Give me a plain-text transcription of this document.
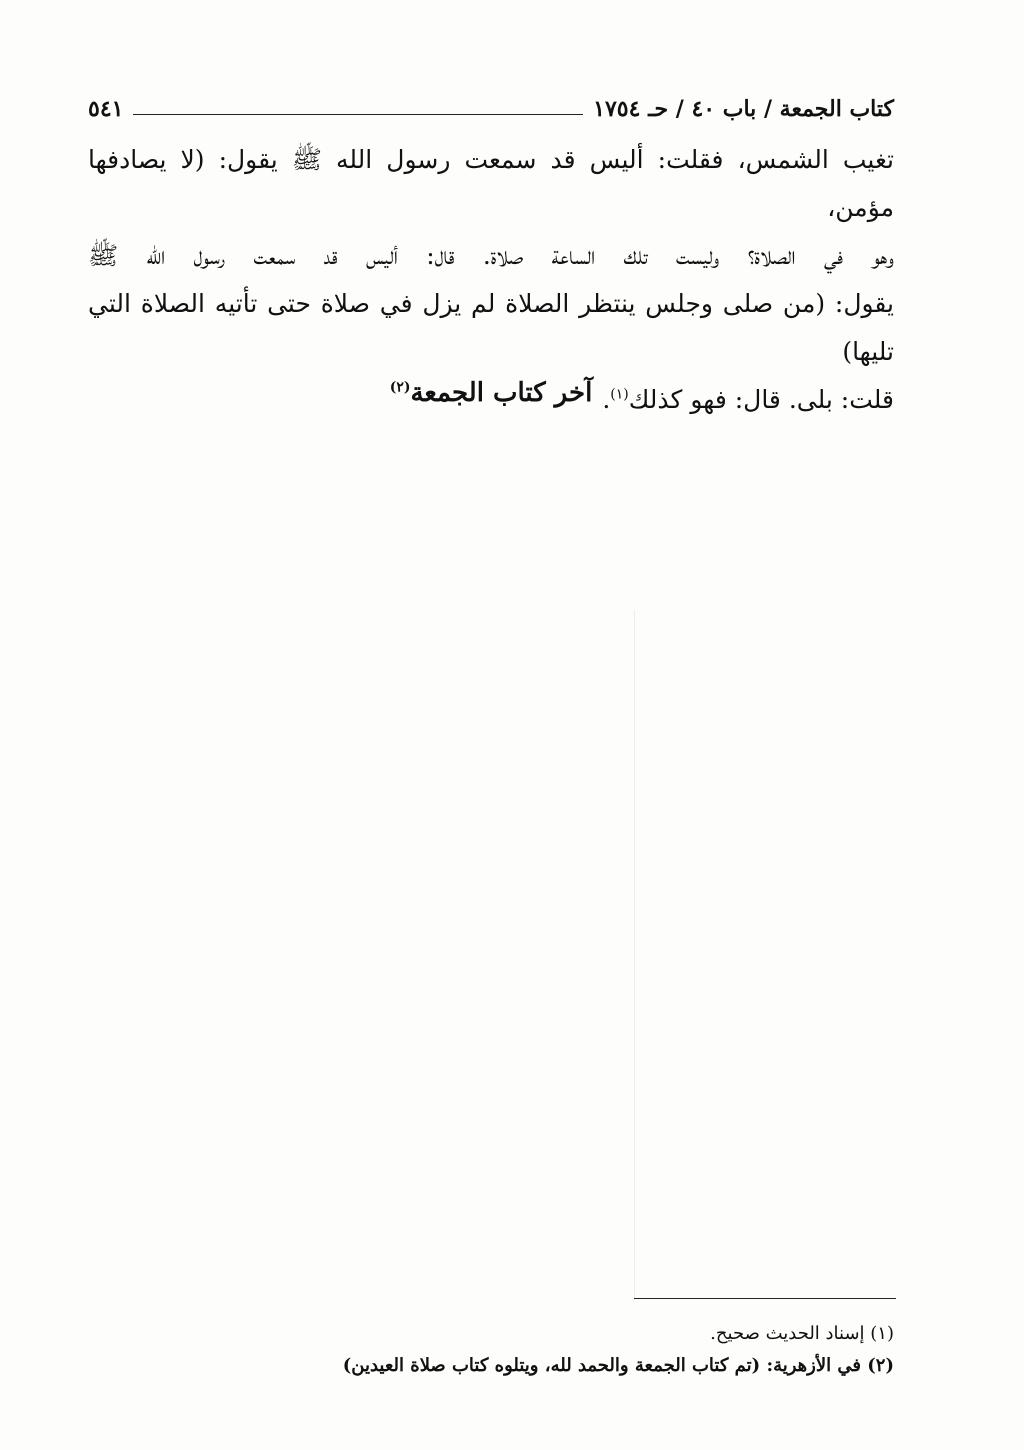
كتاب الجمعة / باب ٤٠ / حـ ١٧٥٤
٥٤١
تغيب الشمس، فقلت: أليس قد سمعت رسول الله ﷺ يقول: (لا يصادفها مؤمن،
وهو في الصلاة؟ وليست تلك الساعة صلاة. قال: أليس قد سمعت رسول الله ﷺ
يقول: (من صلى وجلس ينتظر الصلاة لم يزل في صلاة حتى تأتيه الصلاة التي تليها)
قلت: بلى. قال: فهو كذلك$^{(١)}$.
آخر كتاب الجمعة$^{(٢)}$
(١) إسناد الحديث صحيح.
(٢) في الأزهرية: (تم كتاب الجمعة والحمد لله، ويتلوه كتاب صلاة العيدين)
